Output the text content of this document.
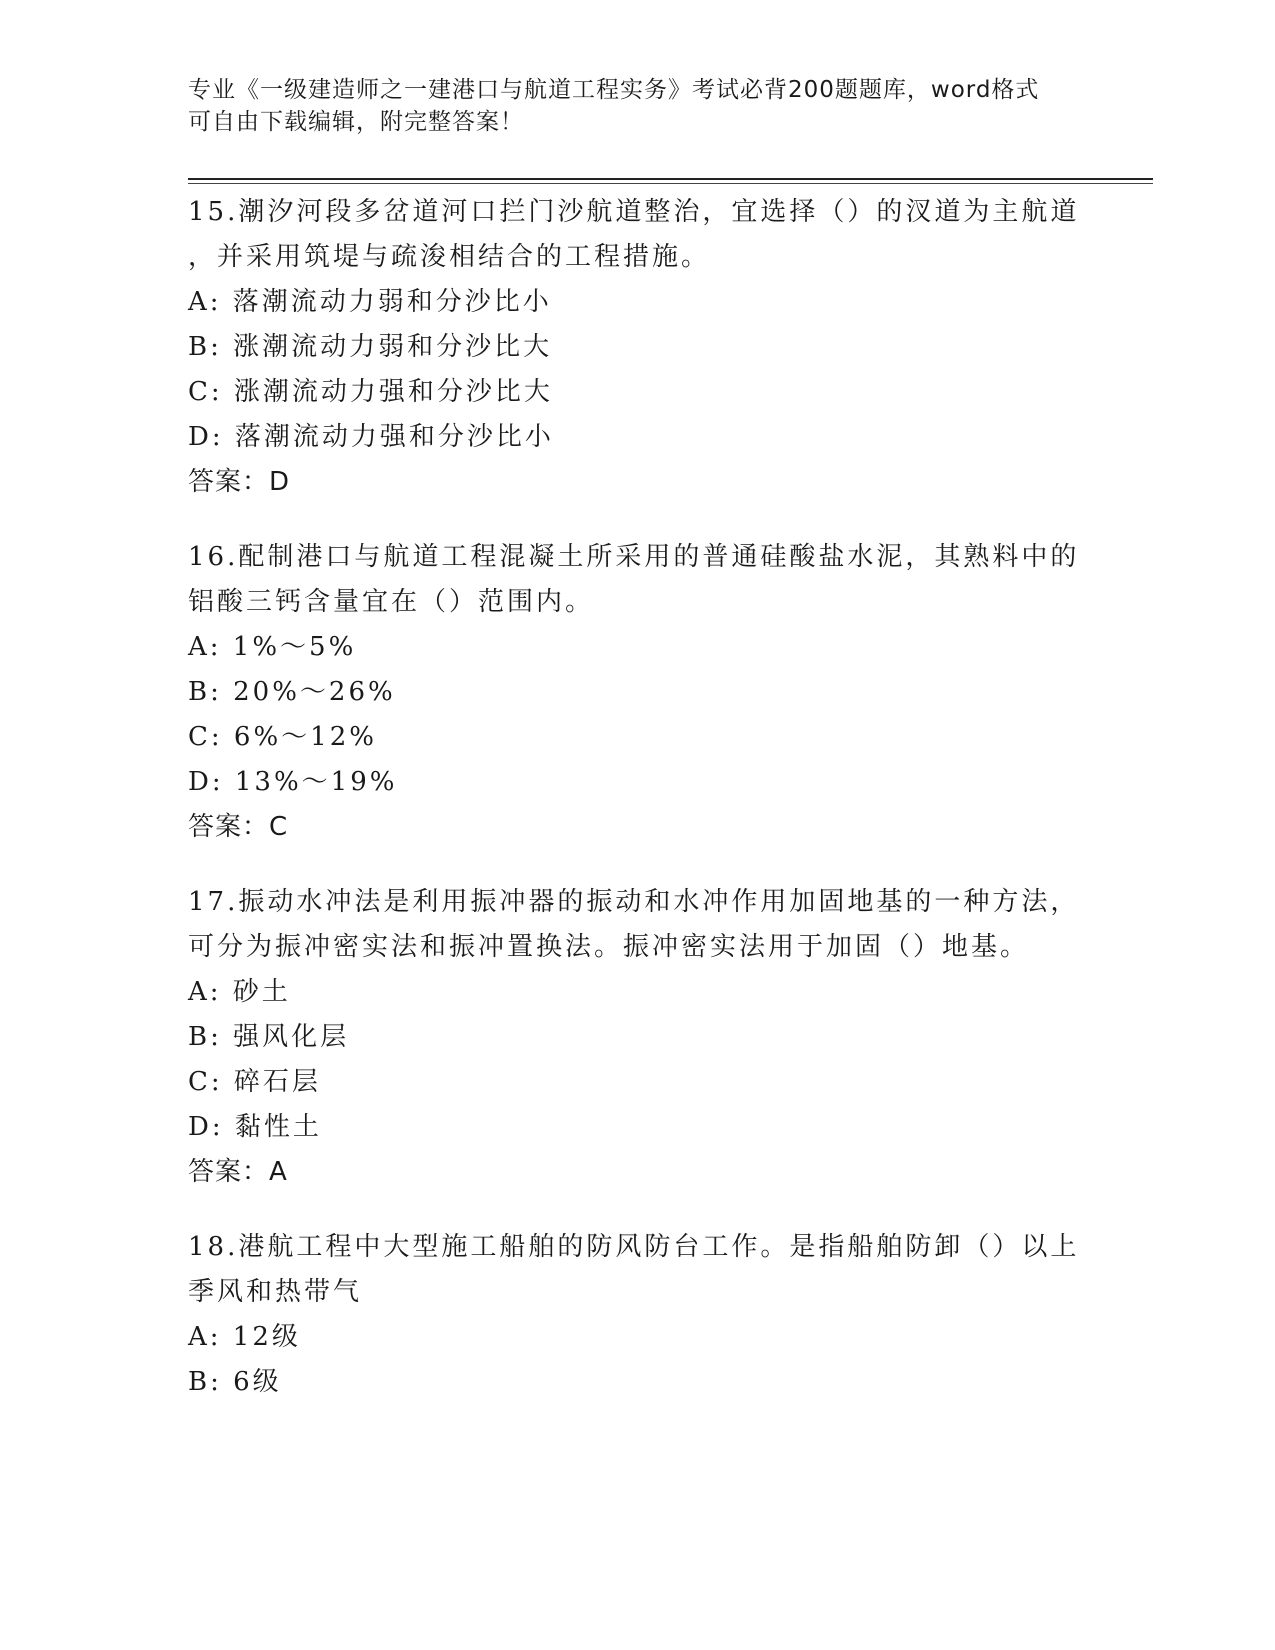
专业《一级建造师之一建港口与航道工程实务》考试必背200题题库，word格式
可自由下载编辑，附完整答案！
15.潮汐河段多岔道河口拦门沙航道整治，宜选择（）的汊道为主航道
，并采用筑堤与疏浚相结合的工程措施。
A: 落潮流动力弱和分沙比小
B: 涨潮流动力弱和分沙比大
C: 涨潮流动力强和分沙比大
D: 落潮流动力强和分沙比小
答案：D
16.配制港口与航道工程混凝土所采用的普通硅酸盐水泥，其熟料中的
铝酸三钙含量宜在（）范围内。
A: 1%～5%
B: 20%～26%
C: 6%～12%
D: 13%～19%
答案：C
17.振动水冲法是利用振冲器的振动和水冲作用加固地基的一种方法，
可分为振冲密实法和振冲置换法。振冲密实法用于加固（）地基。
A: 砂土
B: 强风化层
C: 碎石层
D: 黏性土
答案：A
18.港航工程中大型施工船舶的防风防台工作。是指船舶防卸（）以上
季风和热带气
A: 12级
B: 6级
